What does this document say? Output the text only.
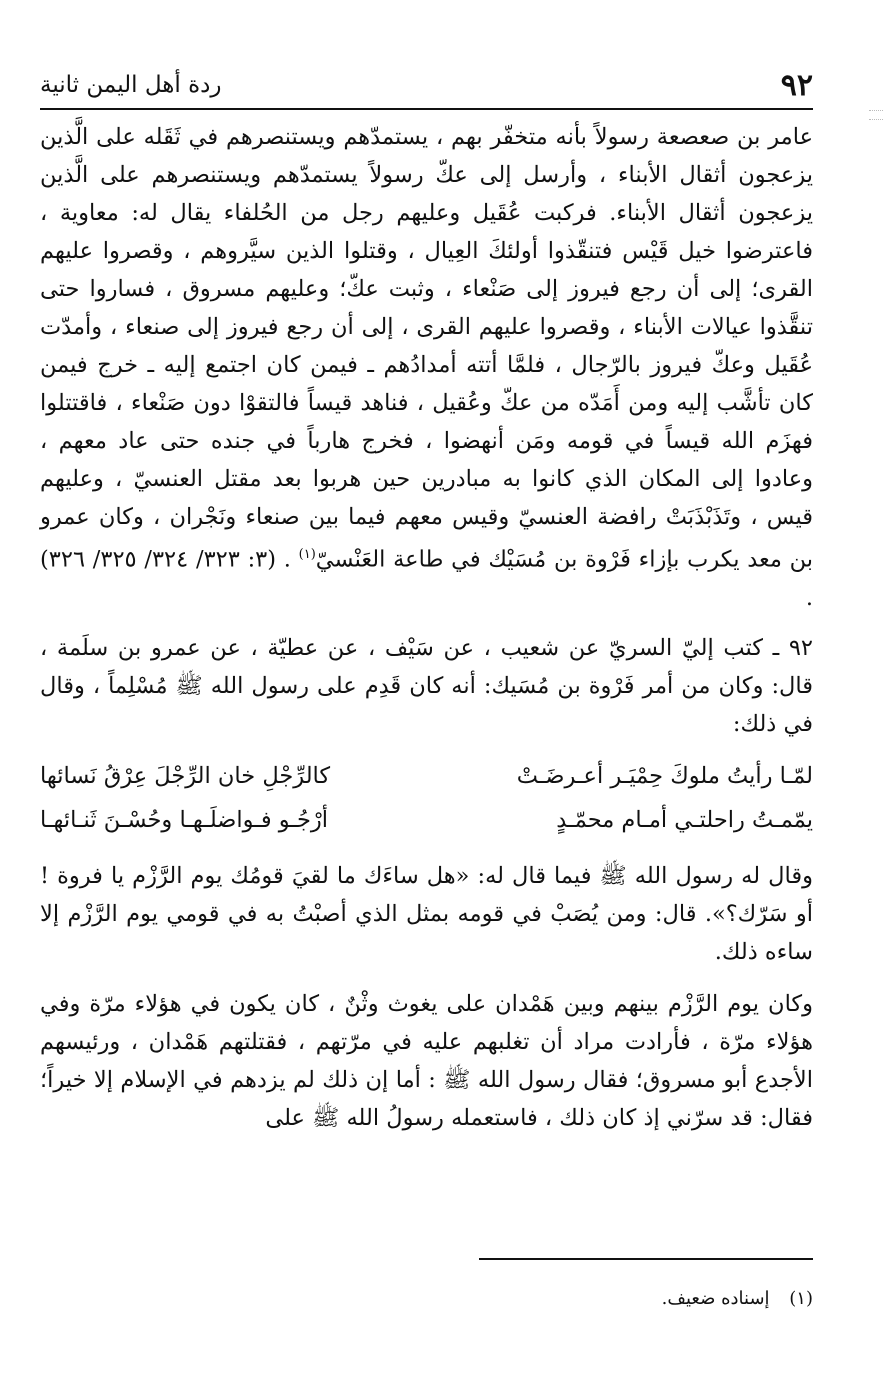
٩٢
ردة أهل اليمن ثانية

عامر بن صعصعة رسولاً بأنه متخفّر بهم ، يستمدّهم ويستنصرهم في ثَقَله على الَّذين يزعجون أثقال الأبناء ، وأرسل إلى عكّ رسولاً يستمدّهم ويستنصرهم على الَّذين يزعجون أثقال الأبناء. فركبت عُقَيل وعليهم رجل من الحُلفاء يقال له: معاوية ، فاعترضوا خيل قَيْس فتنقّذوا أولئكَ العِيال ، وقتلوا الذين سيَّروهم ، وقصروا عليهم القرى؛ إلى أن رجع فيروز إلى صَنْعاء ، وثبت عكّ؛ وعليهم مسروق ، فساروا حتى تنقَّذوا عيالات الأبناء ، وقصروا عليهم القرى ، إلى أن رجع فيروز إلى صنعاء ، وأمدّت عُقَيل وعكّ فيروز بالرّجال ، فلمَّا أتته أمدادُهم ـ فيمن كان اجتمع إليه ـ خرج فيمن كان تأشَّب إليه ومن أَمَدّه من عكّ وعُقيل ، فناهد قيساً فالتقوْا دون صَنْعاء ، فاقتتلوا فهزَم الله قيساً في قومه ومَن أنهضوا ، فخرج هارباً في جنده حتى عاد معهم ، وعادوا إلى المكان الذي كانوا به مبادرين حين هربوا بعد مقتل العنسيّ ، وعليهم قيس ، وتَذَبْذَبَتْ رافضة العنسيّ وقيس معهم فيما بين صنعاء ونَجْران ، وكان عمرو بن معد يكرب بإزاء فَرْوة بن مُسَيْك في طاعة العَنْسيّ$^{(١)}$ . (٣: ٣٢٣/ ٣٢٤/ ٣٢٥/ ٣٢٦) .

٩٢ ـ كتب إليّ السريّ عن شعيب ، عن سَيْف ، عن عطيّة ، عن عمرو بن سلَمة ، قال: وكان من أمر فَرْوة بن مُسَيك: أنه كان قَدِم على رسول الله ﷺ مُسْلِماً ، وقال في ذلك:

لمّـا رأيتُ ملوكَ حِمْيَـر أعـرضَـتْ
كالرِّجْلِ خان الرِّجْلَ عِرْقُ نَسائها
يمّمـتُ راحلتـي أمـام محمّـدٍ
أرْجُـو فـواضلَـهـا وحُسْـنَ ثَنـائهـا

وقال له رسول الله ﷺ فيما قال له: «هل ساءَك ما لقيَ قومُك يوم الرَّزْم يا فروة ! أو سَرّك؟». قال: ومن يُصَبْ في قومه بمثل الذي أصبْتُ به في قومي يوم الرَّزْم إلا ساءه ذلك.

وكان يوم الرَّزْم بينهم وبين هَمْدان على يغوث وثْنٌ ، كان يكون في هؤلاء مرّة وفي هؤلاء مرّة ، فأرادت مراد أن تغلبهم عليه في مرّتهم ، فقتلتهم هَمْدان ، ورئيسهم الأجدع أبو مسروق؛ فقال رسول الله ﷺ : أما إن ذلك لم يزدهم في الإسلام إلا خيراً؛ فقال: قد سرّني إذ كان ذلك ، فاستعمله رسولُ الله ﷺ على

(١) إسناده ضعيف.
